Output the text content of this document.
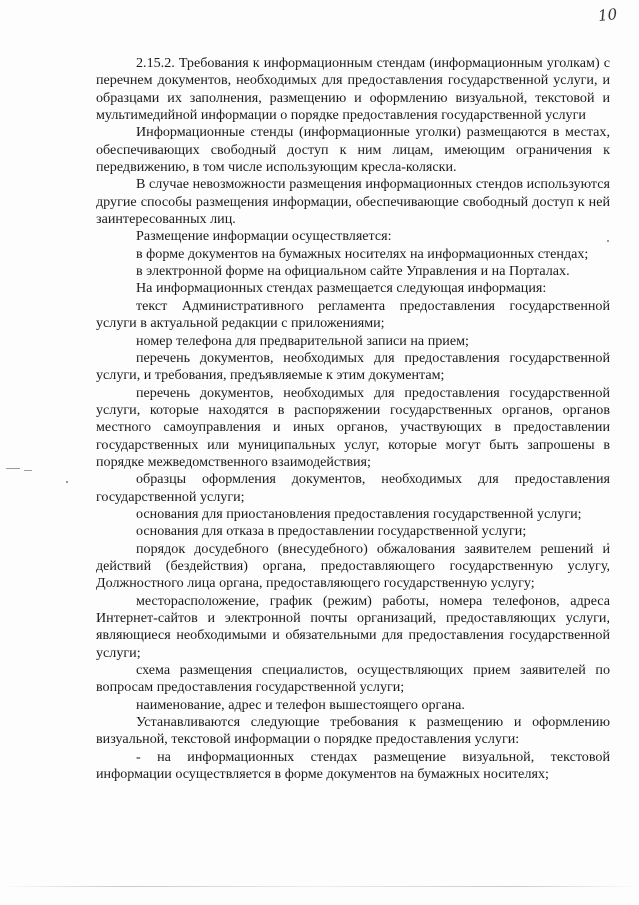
10

2.15.2. Требования к информационным стендам (информационным уголкам) с перечнем документов, необходимых для предоставления государственной услуги, и образцами их заполнения, размещению и оформлению визуальной, текстовой и мультимедийной информации о порядке предоставления государственной услуги

Информационные стенды (информационные уголки) размещаются в местах, обеспечивающих свободный доступ к ним лицам, имеющим ограничения к передвижению, в том числе использующим кресла-коляски.

В случае невозможности размещения информационных стендов используются другие способы размещения информации, обеспечивающие свободный доступ к ней заинтересованных лиц.

Размещение информации осуществляется:

в форме документов на бумажных носителях на информационных стендах;

в электронной форме на официальном сайте Управления и на Порталах.

На информационных стендах размещается следующая информация:

текст Административного регламента предоставления государственной услуги в актуальной редакции с приложениями;

номер телефона для предварительной записи на прием;

перечень документов, необходимых для предоставления государственной услуги, и требования, предъявляемые к этим документам;

перечень документов, необходимых для предоставления государственной услуги, которые находятся в распоряжении государственных органов, органов местного самоуправления и иных органов, участвующих в предоставлении государственных или муниципальных услуг, которые могут быть запрошены в порядке межведомственного взаимодействия;

образцы оформления документов, необходимых для предоставления государственной услуги;

основания для приостановления предоставления государственной услуги;

основания для отказа в предоставлении государственной услуги;

порядок досудебного (внесудебного) обжалования заявителем решений и действий (бездействия) органа, предоставляющего государственную услугу, Должностного лица органа, предоставляющего государственную услугу;

месторасположение, график (режим) работы, номера телефонов, адреса Интернет-сайтов и электронной почты организаций, предоставляющих услуги, являющиеся необходимыми и обязательными для предоставления государственной услуги;

схема размещения специалистов, осуществляющих прием заявителей по вопросам предоставления государственной услуги;

наименование, адрес и телефон вышестоящего органа.

Устанавливаются следующие требования к размещению и оформлению визуальной, текстовой информации о порядке предоставления услуги:

- на информационных стендах размещение визуальной, текстовой информации осуществляется в форме документов на бумажных носителях;
